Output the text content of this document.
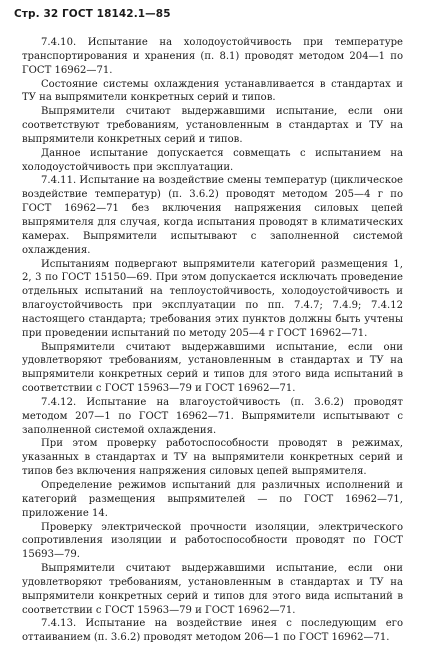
Стр. 32 ГОСТ 18142.1—85

7.4.10. Испытание на холодоустойчивость при температуре транспортирования и хранения (п. 8.1) проводят методом 204—1 по ГОСТ 16962—71.

Состояние системы охлаждения устанавливается в стандартах и ТУ на выпрямители конкретных серий и типов.

Выпрямители считают выдержавшими испытание, если они соответствуют требованиям, установленным в стандартах и ТУ на выпрямители конкретных серий и типов.

Данное испытание допускается совмещать с испытанием на холодоустойчивость при эксплуатации.

7.4.11. Испытание на воздействие смены температур (циклическое воздействие температур) (п. 3.6.2) проводят методом 205—4 г по ГОСТ 16962—71 без включения напряжения силовых цепей выпрямителя для случая, когда испытания проводят в климатических камерах. Выпрямители испытывают с заполненной системой охлаждения.

Испытаниям подвергают выпрямители категорий размещения 1, 2, 3 по ГОСТ 15150—69. При этом допускается исключать проведение отдельных испытаний на теплоустойчивость, холодоустойчивость и влагоустойчивость при эксплуатации по пп. 7.4.7; 7.4.9; 7.4.12 настоящего стандарта; требования этих пунктов должны быть учтены при проведении испытаний по методу 205—4 г ГОСТ 16962—71.

Выпрямители считают выдержавшими испытание, если они удовлетворяют требованиям, установленным в стандартах и ТУ на выпрямители конкретных серий и типов для этого вида испытаний в соответствии с ГОСТ 15963—79 и ГОСТ 16962—71.

7.4.12. Испытание на влагоустойчивость (п. 3.6.2) проводят методом 207—1 по ГОСТ 16962—71. Выпрямители испытывают с заполненной системой охлаждения.

При этом проверку работоспособности проводят в режимах, указанных в стандартах и ТУ на выпрямители конкретных серий и типов без включения напряжения силовых цепей выпрямителя.

Определение режимов испытаний для различных исполнений и категорий размещения выпрямителей — по ГОСТ 16962—71, приложение 14.

Проверку электрической прочности изоляции, электрического сопротивления изоляции и работоспособности проводят по ГОСТ 15693—79.

Выпрямители считают выдержавшими испытание, если они удовлетворяют требованиям, установленным в стандартах и ТУ на выпрямители конкретных серий и типов для этого вида испытаний в соответствии с ГОСТ 15963—79 и ГОСТ 16962—71.

7.4.13. Испытание на воздействие инея с последующим его оттаиванием (п. 3.6.2) проводят методом 206—1 по ГОСТ 16962—71.
